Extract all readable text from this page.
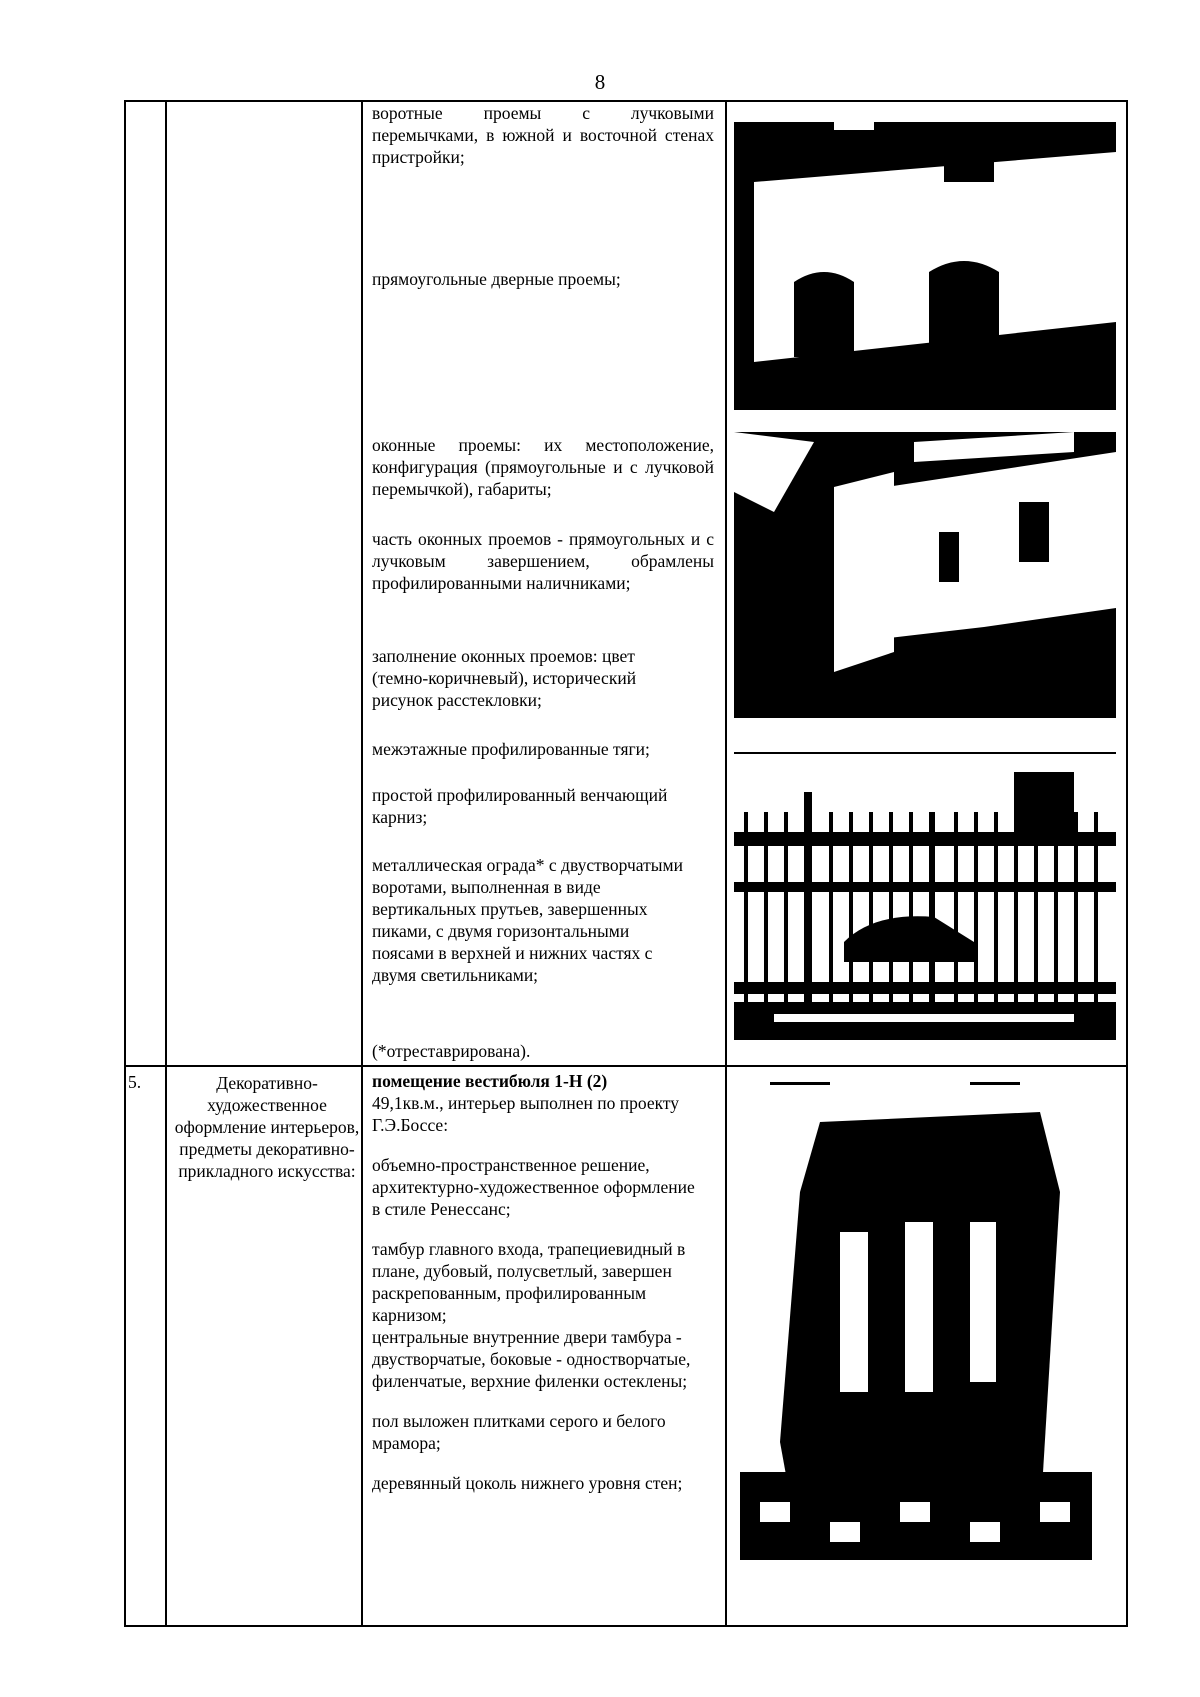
8
воротные проемы с лучковыми перемычками, в южной и восточной стенах пристройки;
прямоугольные дверные проемы;
оконные проемы: их местоположение, конфигурация (прямоугольные и с лучковой перемычкой), габариты;
часть оконных проемов - прямоугольных и с лучковым завершением, обрамлены профилированными наличниками;
заполнение оконных проемов: цвет (темно-коричневый), исторический рисунок расстекловки;
межэтажные профилированные тяги;
простой профилированный венчающий карниз;
металлическая ограда* с двустворчатыми воротами, выполненная в виде вертикальных прутьев, завершенных пиками, с двумя горизонтальными поясами в верхней и нижних частях с двумя светильниками;
(*отреставрирована).
5.	Декоративно-художественное оформление интерьеров, предметы декоративно-прикладного искусства:
помещение вестибюля 1-Н (2)
49,1кв.м., интерьер выполнен по проекту Г.Э.Боссе:
объемно-пространственное решение, архитектурно-художественное оформление в стиле Ренессанс;
тамбур главного входа, трапециевидный в плане, дубовый, полусветлый, завершен раскрепованным, профилированным карнизом;
центральные внутренние двери тамбура - двустворчатые, боковые - одностворчатые, филенчатые, верхние филенки остеклены;
пол выложен плитками серого и белого мрамора;
деревянный цоколь нижнего уровня стен;
